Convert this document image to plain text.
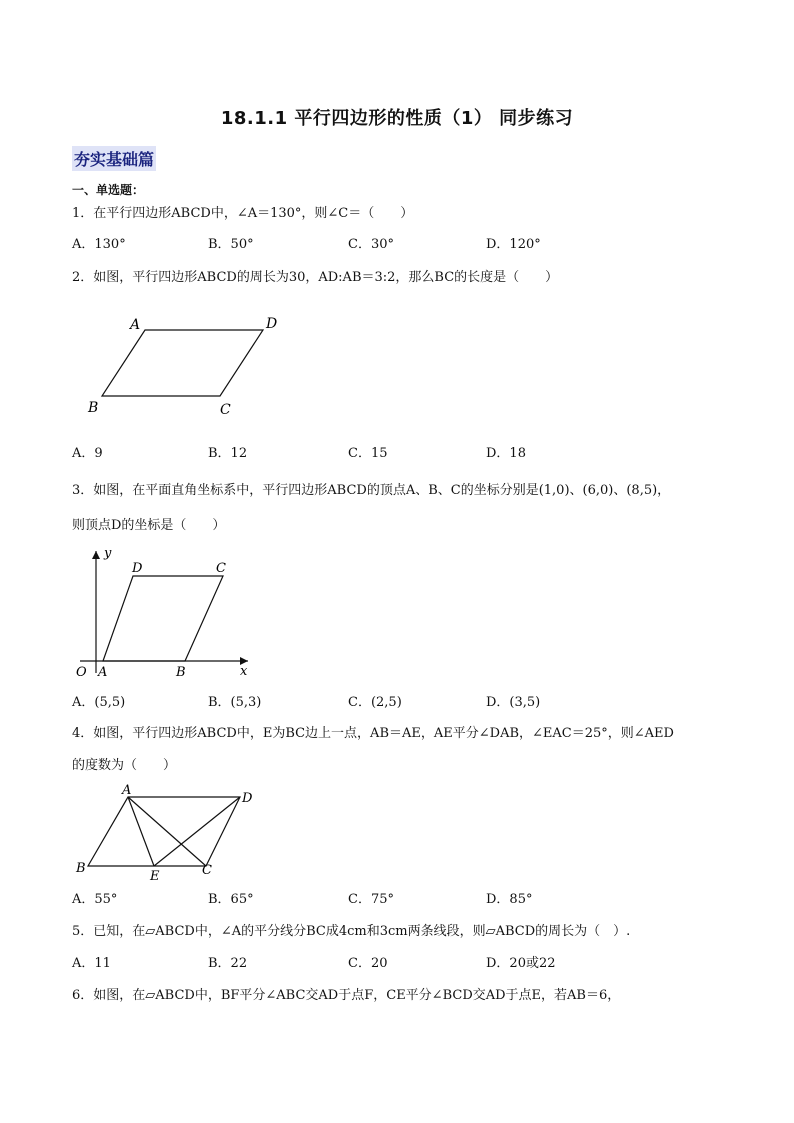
18.1.1 平行四边形的性质（1） 同步练习
夯实基础篇
一、单选题：
1．在平行四边形ABCD中，∠A＝130°，则∠C＝（　　）
A．130°	B．50°	C．30°	D．120°
2．如图，平行四边形ABCD的周长为30，AD:AB＝3:2，那么BC的长度是（　　）
A	D
B	C
A．9	B．12	C．15	D．18
3．如图，在平面直角坐标系中，平行四边形ABCD的顶点A、B、C的坐标分别是(1,0)、(6,0)、(8,5)，
则顶点D的坐标是（　　）
y
x
O A	B
D	C
A．(5,5)	B．(5,3)	C．(2,5)	D．(3,5)
4．如图，平行四边形ABCD中，E为BC边上一点，AB＝AE，AE平分∠DAB，∠EAC＝25°，则∠AED
的度数为（　　）
A
D
B
E	C
A．55°	B．65°	C．75°	D．85°
5．已知，在▱ABCD中，∠A的平分线分BC成4cm和3cm两条线段，则▱ABCD的周长为（　）.
A．11	B．22	C．20	D．20或22
6．如图，在▱ABCD中，BF平分∠ABC交AD于点F，CE平分∠BCD交AD于点E，若AB＝6，
